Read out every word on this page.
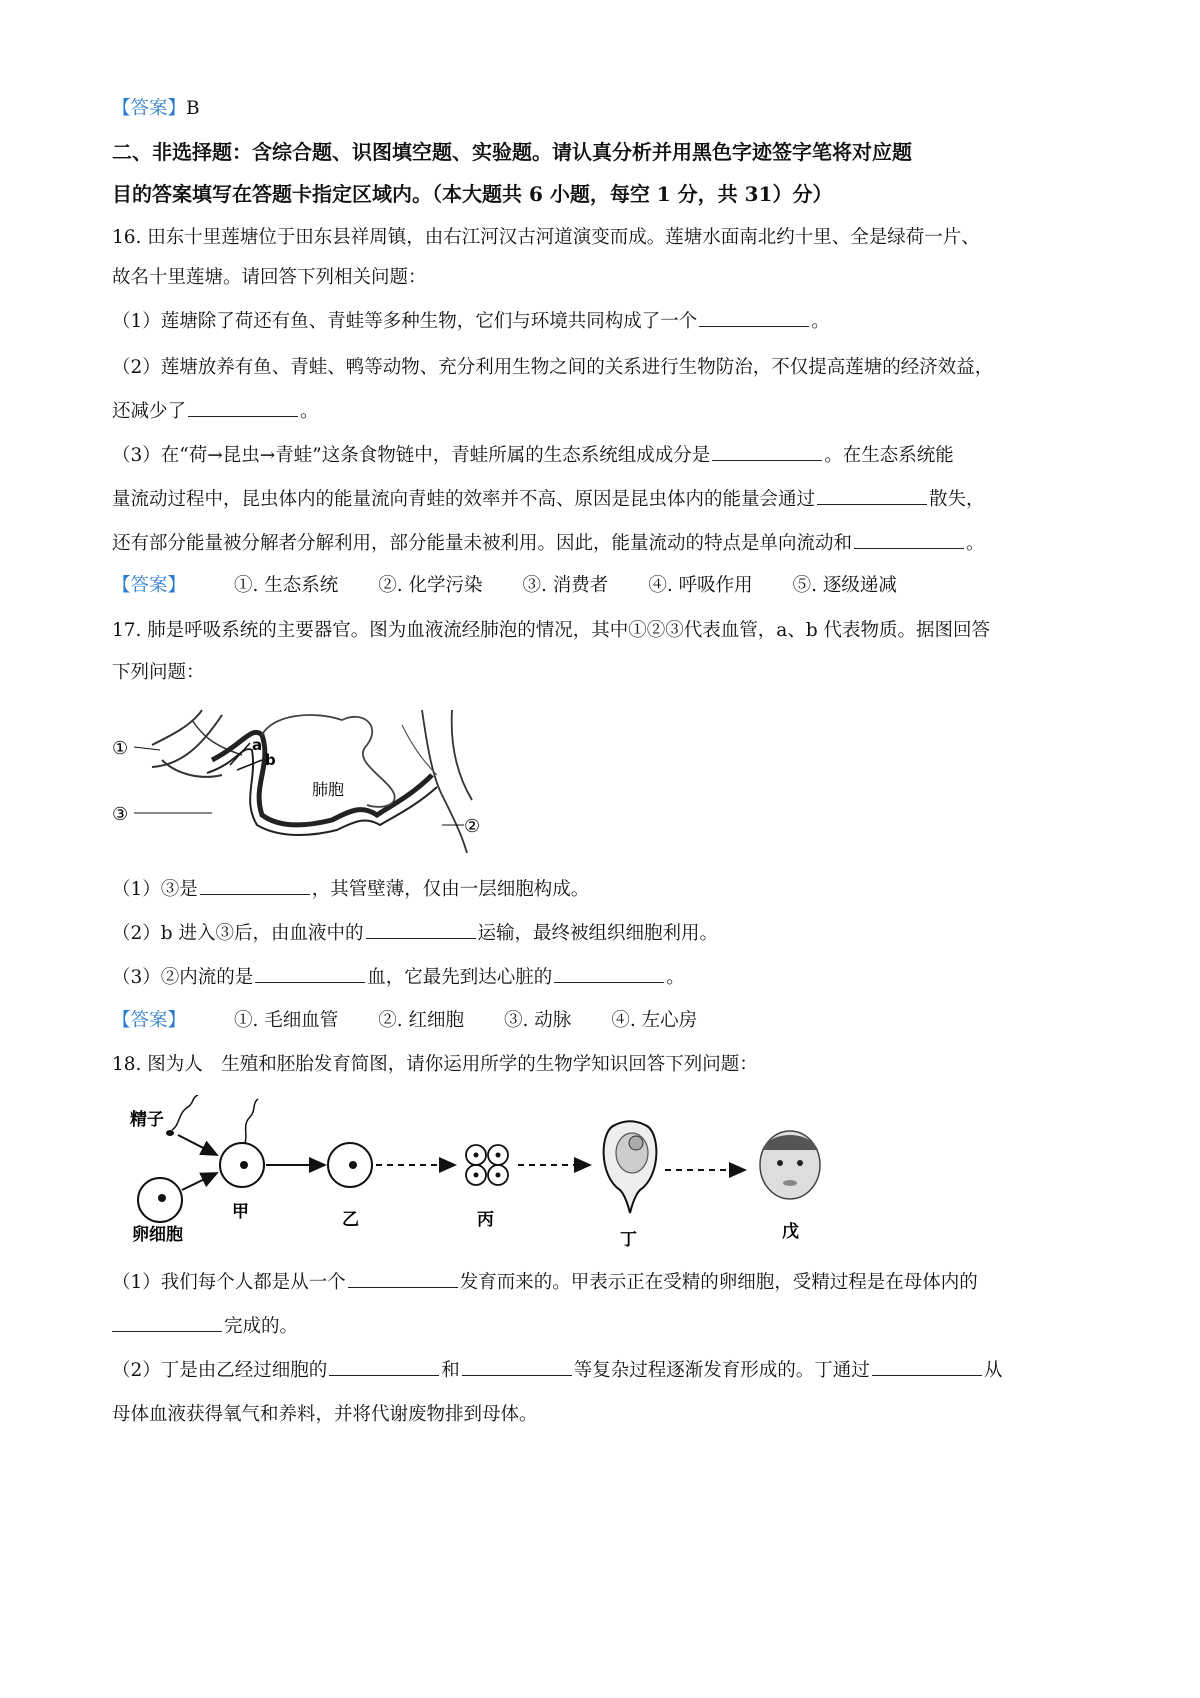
【答案】B
二、非选择题：含综合题、识图填空题、实验题。请认真分析并用黑色字迹签字笔将对应题
目的答案填写在答题卡指定区域内。（本大题共 6 小题，每空 1 分，共 31）分）
16. 田东十里莲塘位于田东县祥周镇，由右江河汉古河道演变而成。莲塘水面南北约十里、全是绿荷一片、
故名十里莲塘。请回答下列相关问题：
（1）莲塘除了荷还有鱼、青蛙等多种生物，它们与环境共同构成了一个	。
（2）莲塘放养有鱼、青蛙、鸭等动物、充分利用生物之间的关系进行生物防治，不仅提高莲塘的经济效益，
还减少了	。
（3）在“荷→昆虫→青蛙”这条食物链中，青蛙所属的生态系统组成成分是	。在生态系统能
量流动过程中，昆虫体内的能量流向青蛙的效率并不高、原因是昆虫体内的能量会通过	散失，
还有部分能量被分解者分解利用，部分能量未被利用。因此，能量流动的特点是单向流动和	。
【答案】	①. 生态系统 ②. 化学污染 ③. 消费者 ④. 呼吸作用 ⑤. 逐级递减
17. 肺是呼吸系统的主要器官。图为血液流经肺泡的情况，其中①②③代表血管，a、b 代表物质。据图回答
下列问题：
①
②
③
a
b
肺胞
（1）③是	，其管壁薄，仅由一层细胞构成。
（2）b 进入③后，由血液中的	运输，最终被组织细胞利用。
（3）②内流的是	血，它最先到达心脏的	。
【答案】	①. 毛细血管 ②. 红细胞 ③. 动脉 ④. 左心房
18. 图为人　生殖和胚胎发育简图，请你运用所学的生物学知识回答下列问题：
精子
卵细胞
甲	乙	丙
丁	戊
（1）我们每个人都是从一个	发育而来的。甲表示正在受精的卵细胞，受精过程是在母体内的
完成的。
（2）丁是由乙经过细胞的	和	等复杂过程逐渐发育形成的。丁通过	从
母体血液获得氧气和养料，并将代谢废物排到母体。
